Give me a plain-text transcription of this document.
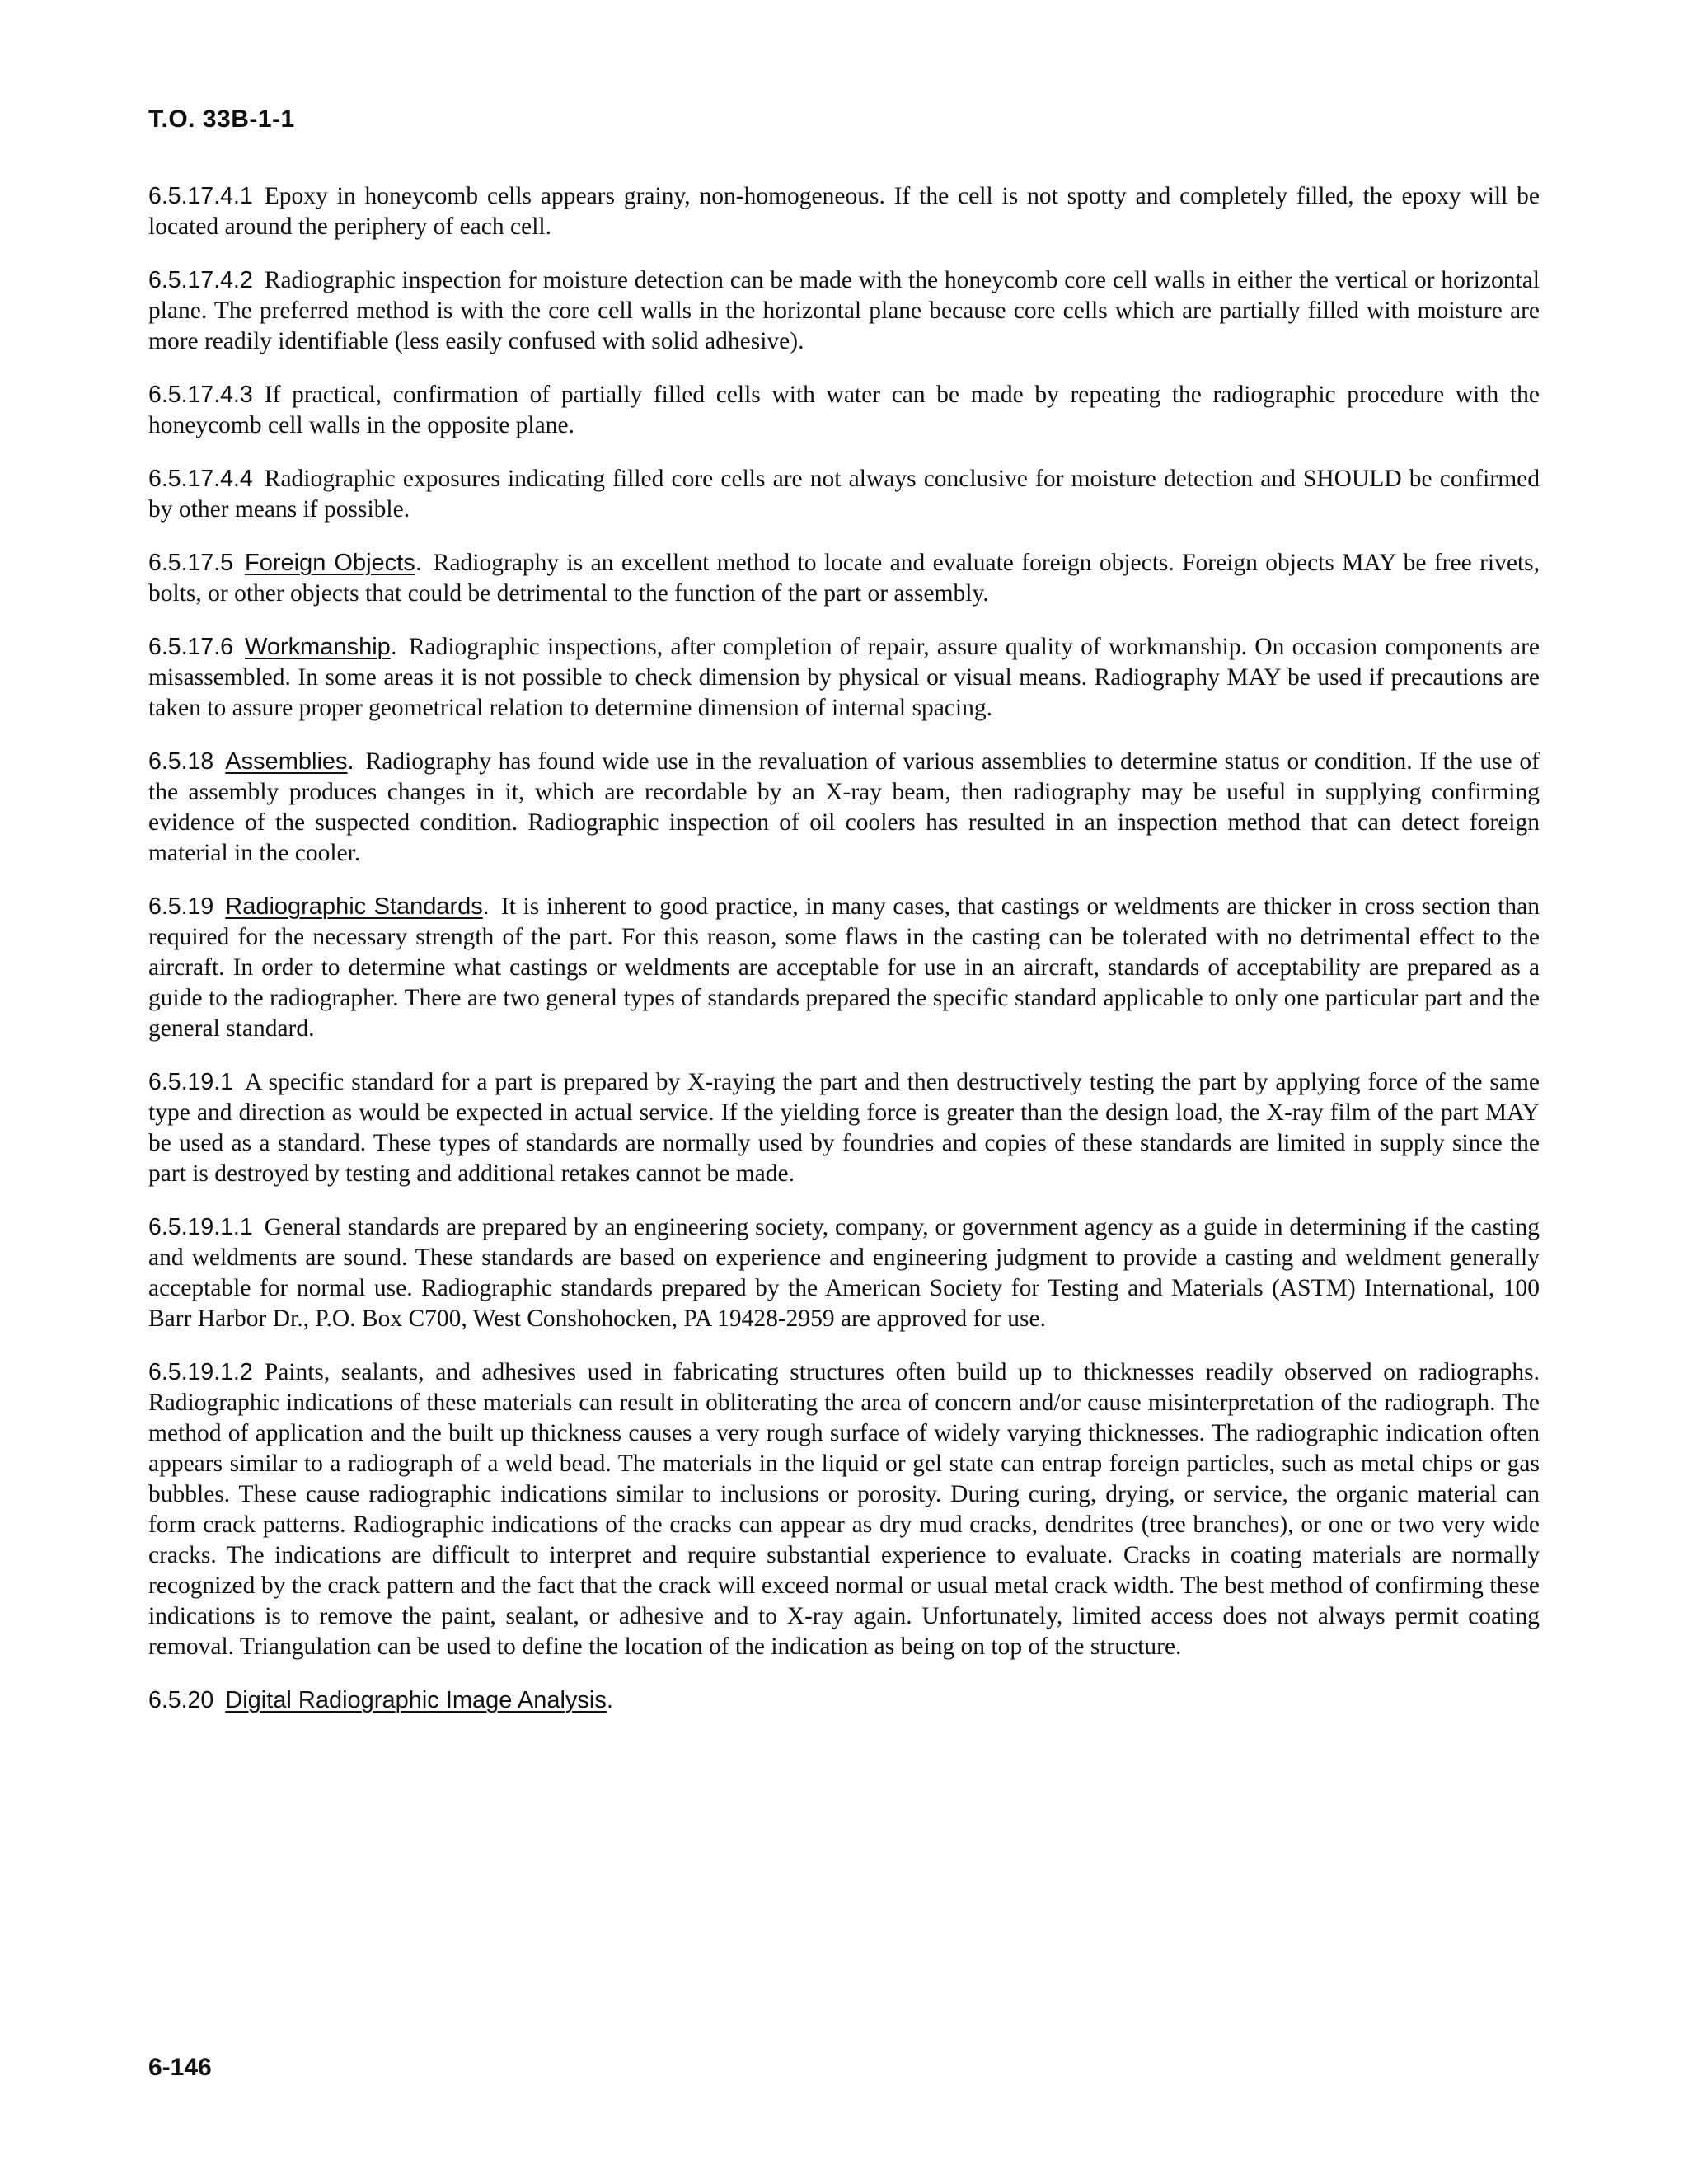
T.O. 33B-1-1

6.5.17.4.1 Epoxy in honeycomb cells appears grainy, non-homogeneous. If the cell is not spotty and completely filled, the epoxy will be located around the periphery of each cell.

6.5.17.4.2 Radiographic inspection for moisture detection can be made with the honeycomb core cell walls in either the vertical or horizontal plane. The preferred method is with the core cell walls in the horizontal plane because core cells which are partially filled with moisture are more readily identifiable (less easily confused with solid adhesive).

6.5.17.4.3 If practical, confirmation of partially filled cells with water can be made by repeating the radiographic procedure with the honeycomb cell walls in the opposite plane.

6.5.17.4.4 Radiographic exposures indicating filled core cells are not always conclusive for moisture detection and SHOULD be confirmed by other means if possible.

6.5.17.5 Foreign Objects. Radiography is an excellent method to locate and evaluate foreign objects. Foreign objects MAY be free rivets, bolts, or other objects that could be detrimental to the function of the part or assembly.

6.5.17.6 Workmanship. Radiographic inspections, after completion of repair, assure quality of workmanship. On occasion components are misassembled. In some areas it is not possible to check dimension by physical or visual means. Radiography MAY be used if precautions are taken to assure proper geometrical relation to determine dimension of internal spacing.

6.5.18 Assemblies. Radiography has found wide use in the revaluation of various assemblies to determine status or condition. If the use of the assembly produces changes in it, which are recordable by an X-ray beam, then radiography may be useful in supplying confirming evidence of the suspected condition. Radiographic inspection of oil coolers has resulted in an inspection method that can detect foreign material in the cooler.

6.5.19 Radiographic Standards. It is inherent to good practice, in many cases, that castings or weldments are thicker in cross section than required for the necessary strength of the part. For this reason, some flaws in the casting can be tolerated with no detrimental effect to the aircraft. In order to determine what castings or weldments are acceptable for use in an aircraft, standards of acceptability are prepared as a guide to the radiographer. There are two general types of standards prepared the specific standard applicable to only one particular part and the general standard.

6.5.19.1 A specific standard for a part is prepared by X-raying the part and then destructively testing the part by applying force of the same type and direction as would be expected in actual service. If the yielding force is greater than the design load, the X-ray film of the part MAY be used as a standard. These types of standards are normally used by foundries and copies of these standards are limited in supply since the part is destroyed by testing and additional retakes cannot be made.

6.5.19.1.1 General standards are prepared by an engineering society, company, or government agency as a guide in determining if the casting and weldments are sound. These standards are based on experience and engineering judgment to provide a casting and weldment generally acceptable for normal use. Radiographic standards prepared by the American Society for Testing and Materials (ASTM) International, 100 Barr Harbor Dr., P.O. Box C700, West Conshohocken, PA 19428-2959 are approved for use.

6.5.19.1.2 Paints, sealants, and adhesives used in fabricating structures often build up to thicknesses readily observed on radiographs. Radiographic indications of these materials can result in obliterating the area of concern and/or cause misinterpretation of the radiograph. The method of application and the built up thickness causes a very rough surface of widely varying thicknesses. The radiographic indication often appears similar to a radiograph of a weld bead. The materials in the liquid or gel state can entrap foreign particles, such as metal chips or gas bubbles. These cause radiographic indications similar to inclusions or porosity. During curing, drying, or service, the organic material can form crack patterns. Radiographic indications of the cracks can appear as dry mud cracks, dendrites (tree branches), or one or two very wide cracks. The indications are difficult to interpret and require substantial experience to evaluate. Cracks in coating materials are normally recognized by the crack pattern and the fact that the crack will exceed normal or usual metal crack width. The best method of confirming these indications is to remove the paint, sealant, or adhesive and to X-ray again. Unfortunately, limited access does not always permit coating removal. Triangulation can be used to define the location of the indication as being on top of the structure.

6.5.20 Digital Radiographic Image Analysis.

6-146
